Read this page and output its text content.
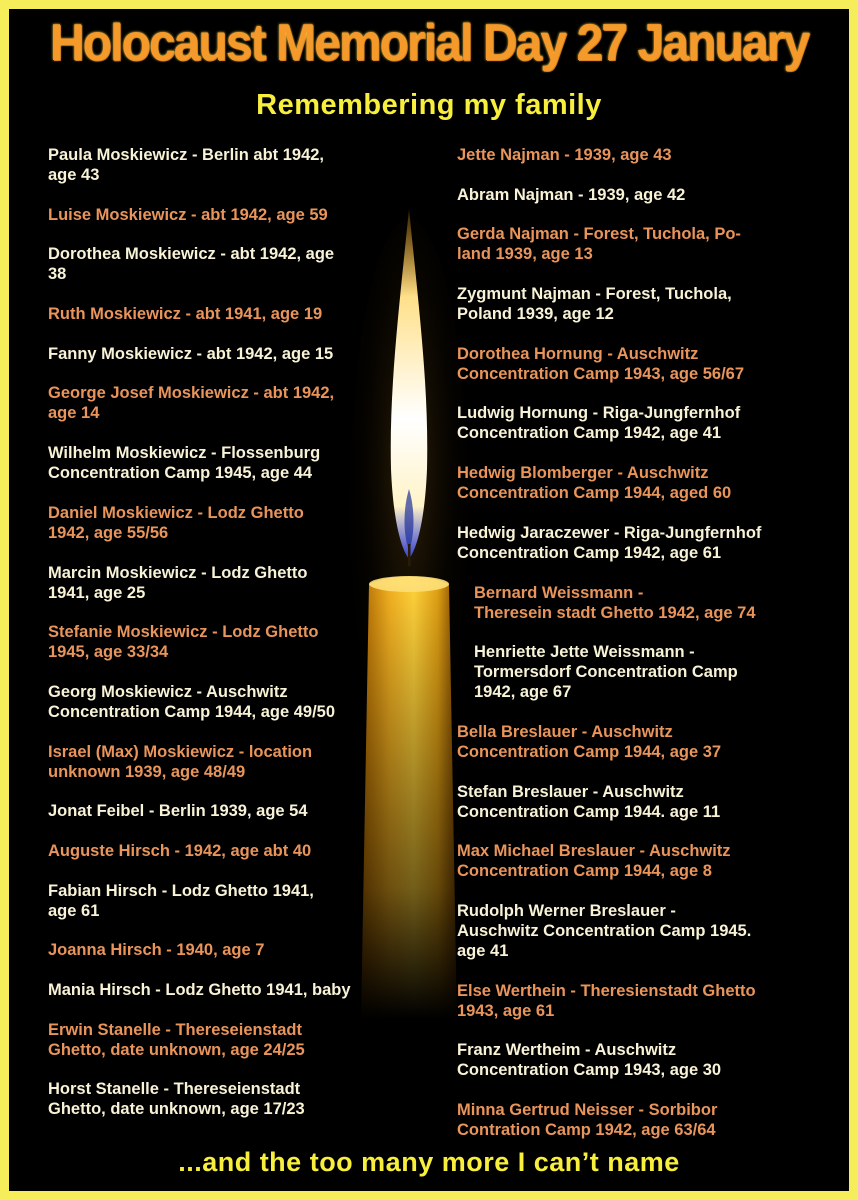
Holocaust Memorial Day 27 January
Remembering my family
Paula Moskiewicz - Berlin abt 1942,
age 43
Luise Moskiewicz - abt 1942, age 59
Dorothea Moskiewicz - abt 1942, age
38
Ruth Moskiewicz - abt 1941, age 19
Fanny Moskiewicz - abt 1942, age 15
George Josef Moskiewicz - abt 1942,
age 14
Wilhelm Moskiewicz - Flossenburg
Concentration Camp 1945, age 44
Daniel Moskiewicz - Lodz Ghetto
1942, age 55/56
Marcin Moskiewicz - Lodz Ghetto
1941, age 25
Stefanie Moskiewicz - Lodz Ghetto
1945, age 33/34
Georg Moskiewicz - Auschwitz
Concentration Camp 1944, age 49/50
Israel (Max) Moskiewicz - location
unknown 1939, age 48/49
Jonat Feibel - Berlin 1939, age 54
Auguste Hirsch - 1942, age abt 40
Fabian Hirsch - Lodz Ghetto 1941,
age 61
Joanna Hirsch - 1940, age 7
Mania Hirsch - Lodz Ghetto 1941, baby
Erwin Stanelle - Thereseienstadt
Ghetto, date unknown, age 24/25
Horst Stanelle - Thereseienstadt
Ghetto, date unknown, age 17/23
Jette Najman - 1939, age 43
Abram Najman - 1939, age 42
Gerda Najman - Forest, Tuchola, Po-
land 1939, age 13
Zygmunt Najman - Forest, Tuchola,
Poland 1939, age 12
Dorothea Hornung - Auschwitz
Concentration Camp 1943, age 56/67
Ludwig Hornung - Riga-Jungfernhof
Concentration Camp 1942, age 41
Hedwig Blomberger - Auschwitz
Concentration Camp 1944, aged 60
Hedwig Jaraczewer - Riga-Jungfernhof
Concentration Camp 1942, age 61
Bernard Weissmann -
Theresein stadt Ghetto 1942, age 74
Henriette Jette Weissmann -
Tormersdorf Concentration Camp
1942, age 67
Bella Breslauer - Auschwitz
Concentration Camp 1944, age 37
Stefan Breslauer - Auschwitz
Concentration Camp 1944. age 11
Max Michael Breslauer - Auschwitz
Concentration Camp 1944, age 8
Rudolph Werner Breslauer -
Auschwitz Concentration Camp 1945.
age 41
Else Werthein - Theresienstadt Ghetto
1943, age 61
Franz Wertheim - Auschwitz
Concentration Camp 1943, age 30
Minna Gertrud Neisser - Sorbibor
Contration Camp 1942, age 63/64
...and the too many more I can’t name
